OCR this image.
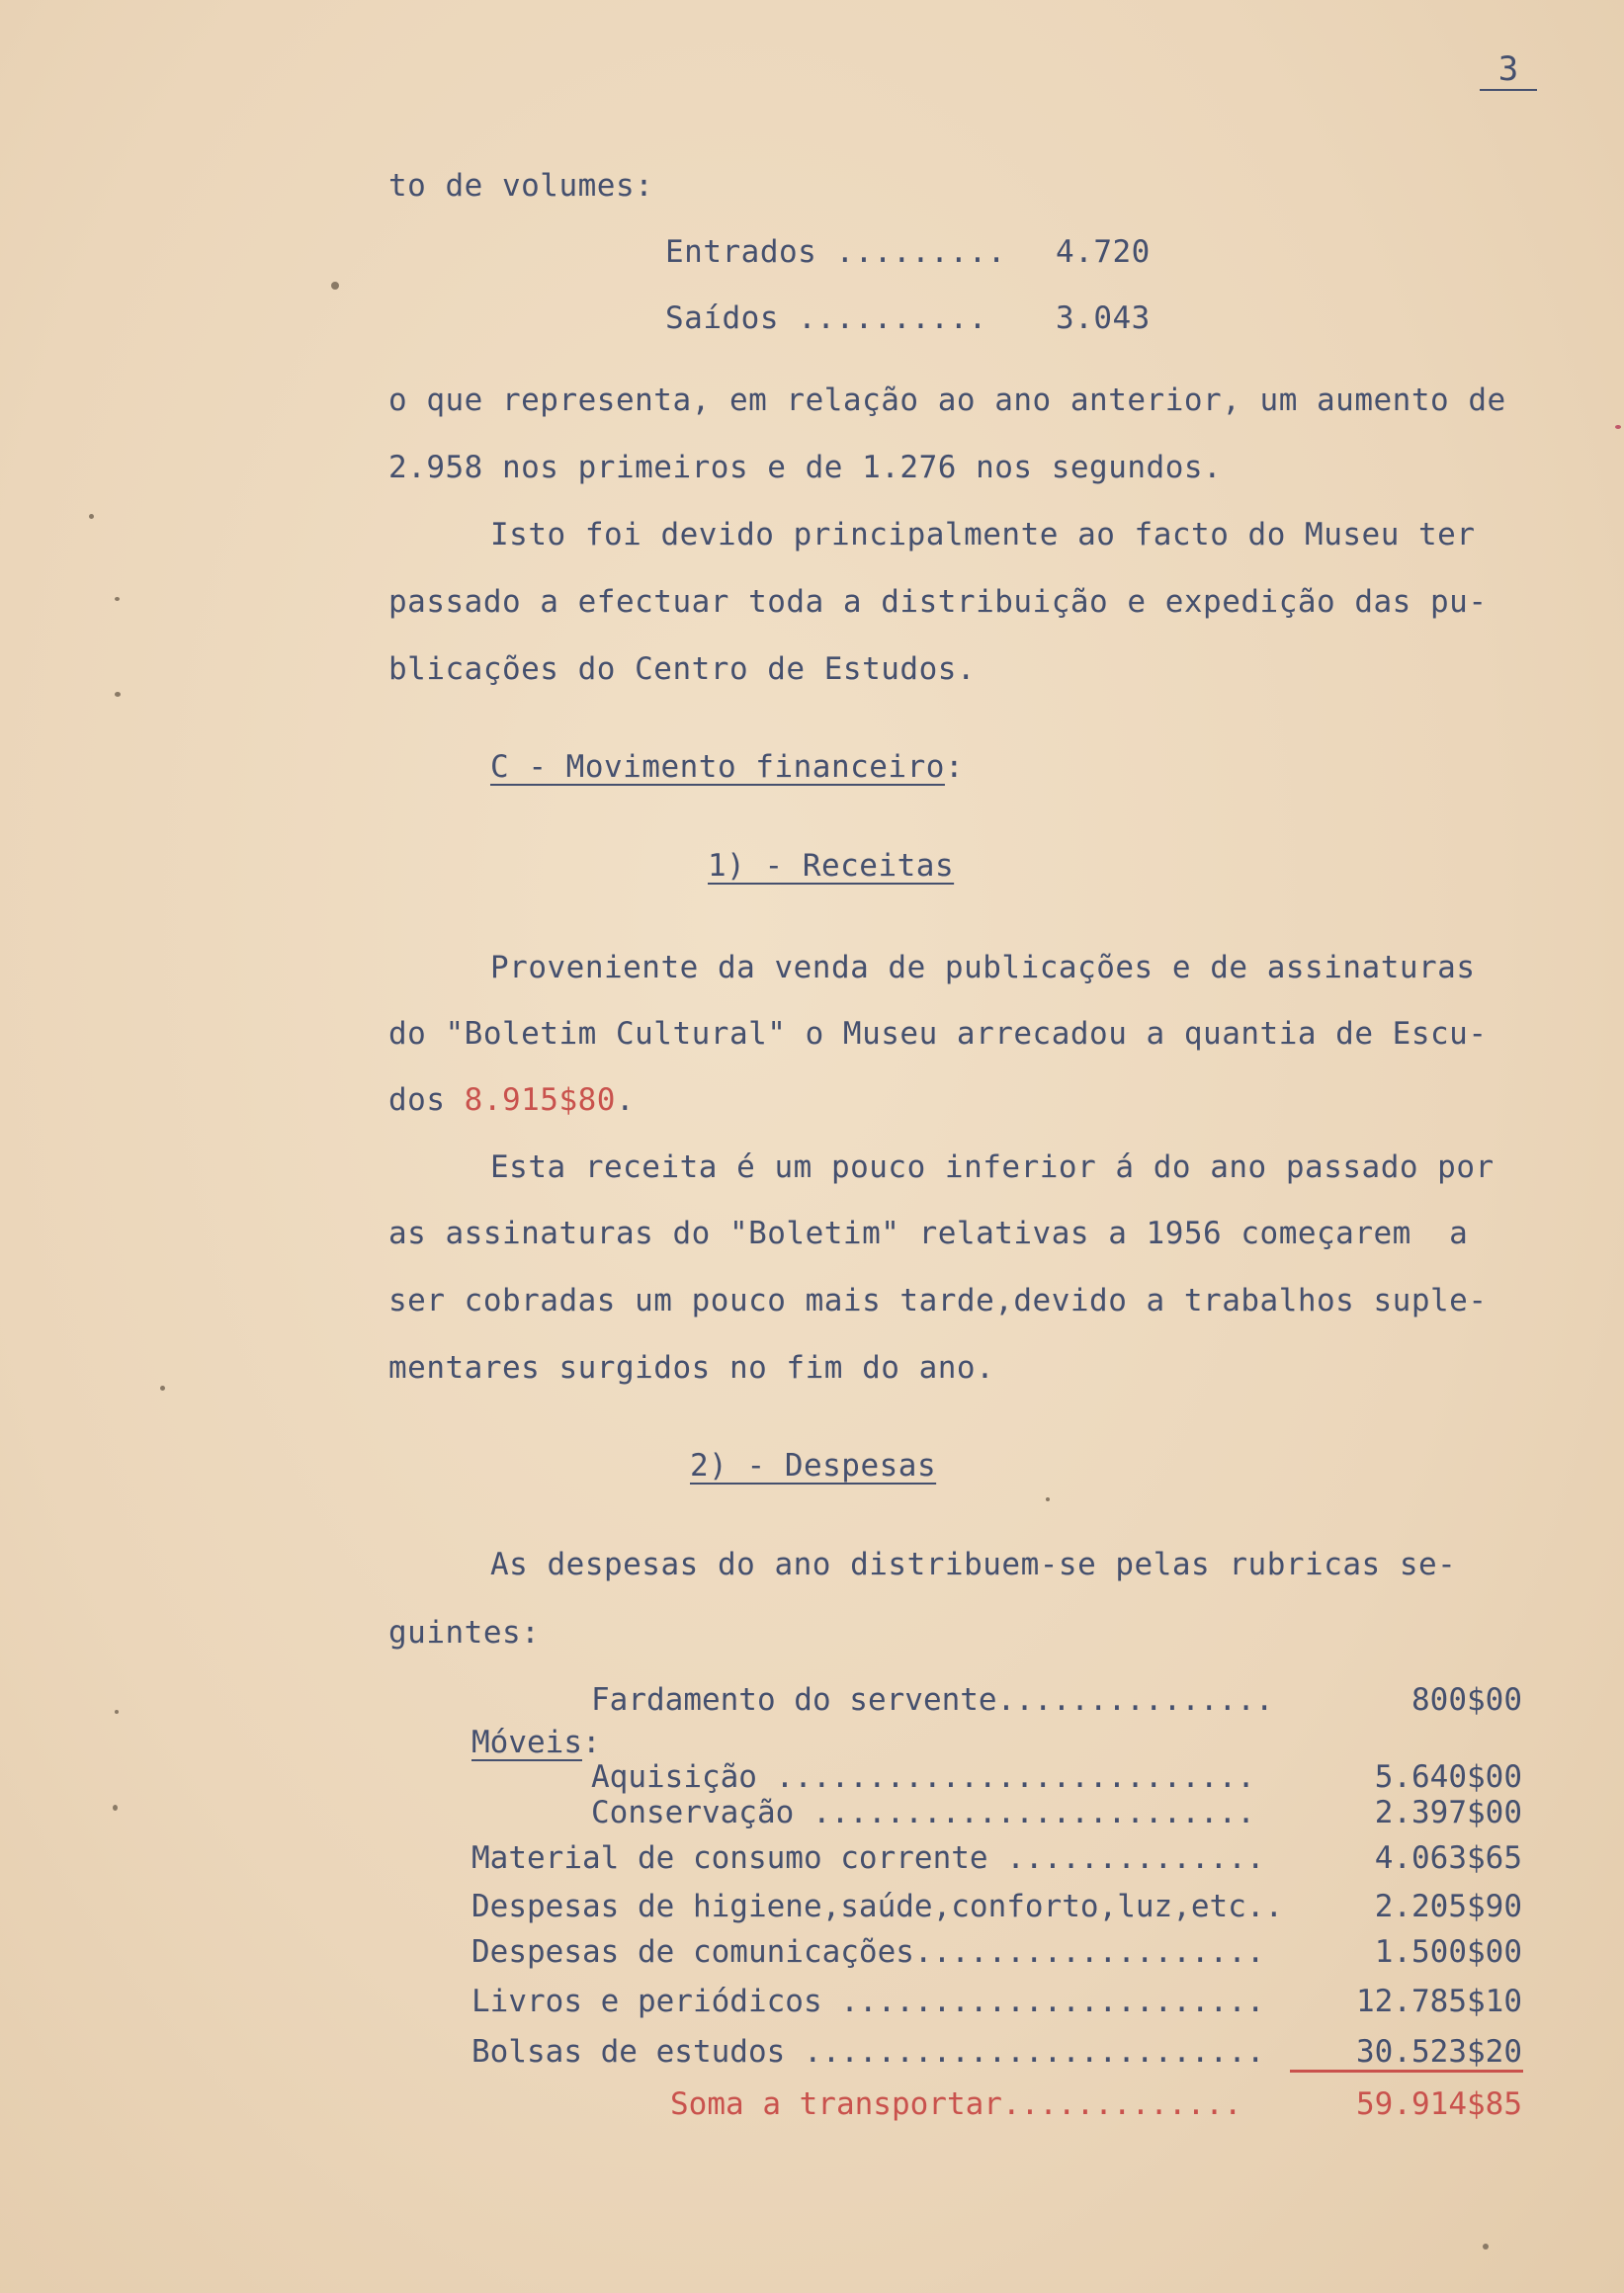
3
to de volumes:
Entrados ......... 4.720
Saídos .......... 3.043
o que representa, em relação ao ano anterior, um aumento de
2.958 nos primeiros e de 1.276 nos segundos.
Isto foi devido principalmente ao facto do Museu ter
passado a efectuar toda a distribuição e expedição das pu-
blicações do Centro de Estudos.
C - Movimento financeiro:
1) - Receitas
Proveniente da venda de publicações e de assinaturas
do "Boletim Cultural" o Museu arrecadou a quantia de Escu-
dos 8.915$80.
Esta receita é um pouco inferior á do ano passado por
as assinaturas do "Boletim" relativas a 1956 começarem  a
ser cobradas um pouco mais tarde,devido a trabalhos suple-
mentares surgidos no fim do ano.
2) - Despesas
As despesas do ano distribuem-se pelas rubricas se-
guintes:
Fardamento do servente...............	800$00
Móveis:
Aquisição ..........................	5.640$00
Conservação ........................	2.397$00
Material de consumo corrente ..............	4.063$65
Despesas de higiene,saúde,conforto,luz,etc..	2.205$90
Despesas de comunicações...................	1.500$00
Livros e periódicos .......................	12.785$10
Bolsas de estudos .........................	30.523$20
Soma a transportar.............	59.914$85
